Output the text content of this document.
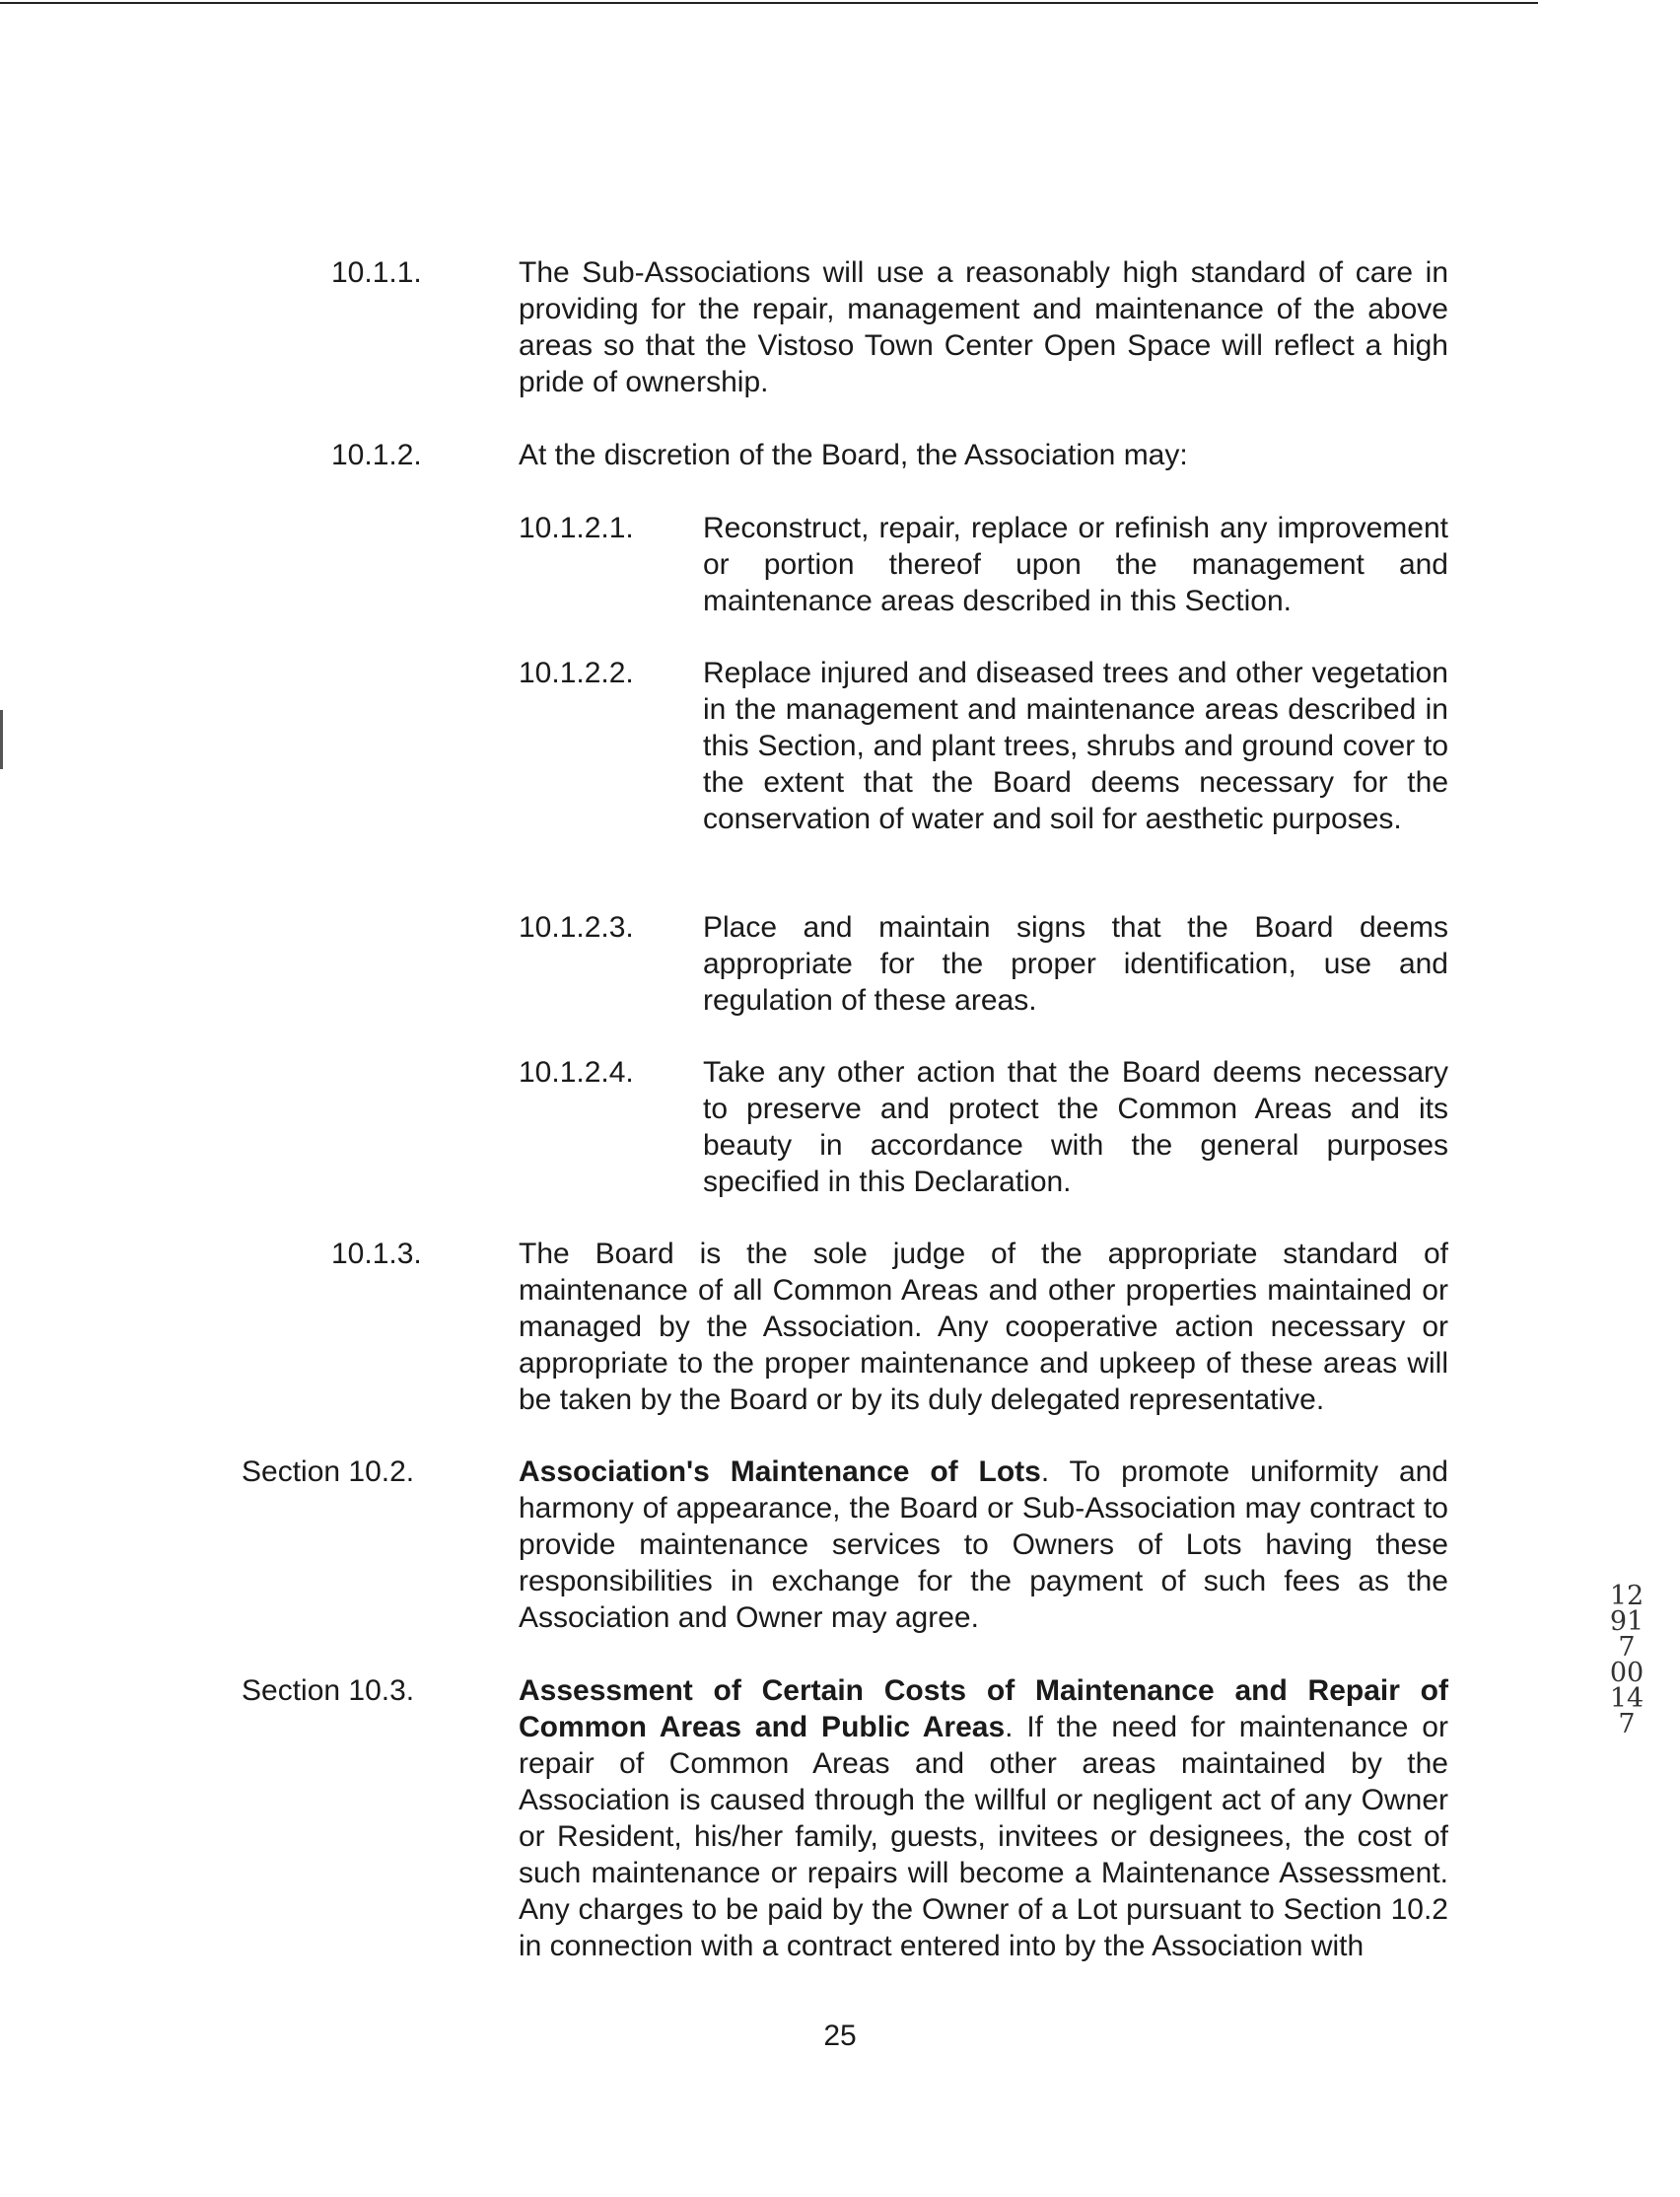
10.1.1.	The Sub-Associations will use a reasonably high standard of care in providing for the repair, management and maintenance of the above areas so that the Vistoso Town Center Open Space will reflect a high pride of ownership.
10.1.2.	At the discretion of the Board, the Association may:
10.1.2.1. Reconstruct, repair, replace or refinish any improvement or portion thereof upon the management and maintenance areas described in this Section.
10.1.2.2. Replace injured and diseased trees and other vegetation in the management and maintenance areas described in this Section, and plant trees, shrubs and ground cover to the extent that the Board deems necessary for the conservation of water and soil for aesthetic purposes.
10.1.2.3. Place and maintain signs that the Board deems appropriate for the proper identification, use and regulation of these areas.
10.1.2.4. Take any other action that the Board deems necessary to preserve and protect the Common Areas and its beauty in accordance with the general purposes specified in this Declaration.
10.1.3.	The Board is the sole judge of the appropriate standard of maintenance of all Common Areas and other properties maintained or managed by the Association. Any cooperative action necessary or appropriate to the proper maintenance and upkeep of these areas will be taken by the Board or by its duly delegated representative.
Section 10.2.	Association's Maintenance of Lots. To promote uniformity and harmony of appearance, the Board or Sub-Association may contract to provide maintenance services to Owners of Lots having these responsibilities in exchange for the payment of such fees as the Association and Owner may agree.
Section 10.3.	Assessment of Certain Costs of Maintenance and Repair of Common Areas and Public Areas. If the need for maintenance or repair of Common Areas and other areas maintained by the Association is caused through the willful or negligent act of any Owner or Resident, his/her family, guests, invitees or designees, the cost of such maintenance or repairs will become a Maintenance Assessment. Any charges to be paid by the Owner of a Lot pursuant to Section 10.2 in connection with a contract entered into by the Association with
25
12917 00147
